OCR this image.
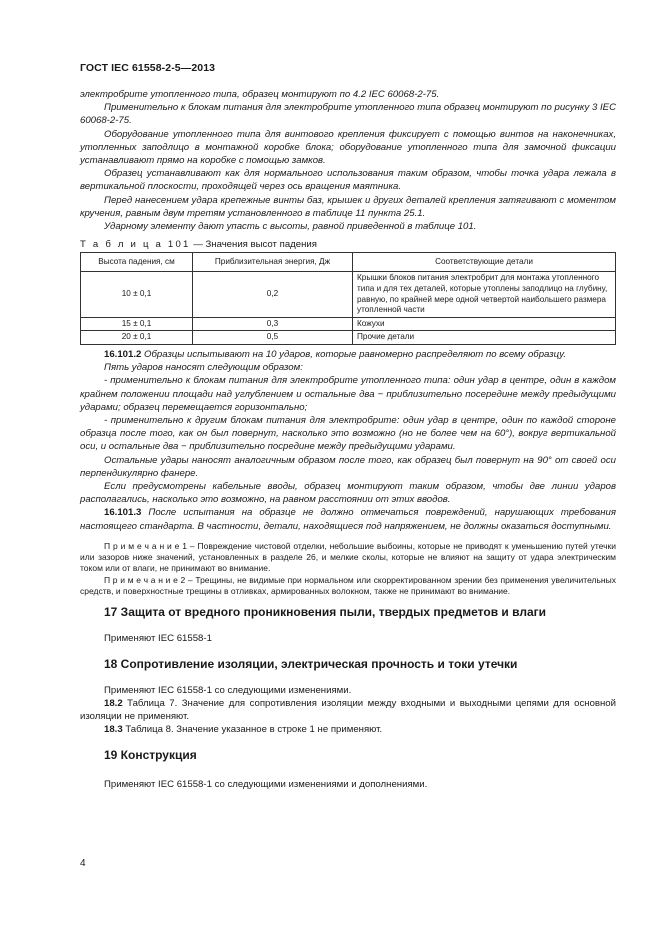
ГОСТ IEC 61558-2-5—2013

электробрите утопленного типа, образец монтируют по 4.2 IEC 60068-2-75.

Применительно к блокам питания для электробрите утопленного типа образец монтируют по рисунку 3 IEC 60068-2-75.

Оборудование утопленного типа для винтового крепления фиксирует с помощью винтов на наконечниках, утопленных заподлицо в монтажной коробке блока; оборудование утопленного типа для замочной фиксации устанавливают прямо на коробке с помощью замков.

Образец устанавливают как для нормального использования таким образом, чтобы точка удара лежала в вертикальной плоскости, проходящей через ось вращения маятника.

Перед нанесением удара крепежные винты баз, крышек и других деталей крепления затягивают с моментом кручения, равным двум третям установленного в таблице 11 пункта 25.1.

Ударному элементу дают упасть с высоты, равной приведенной в таблице 101.

Т а б л и ц а 101 — Значения высот падения

Высота падения, см	Приблизительная энергия, Дж	Соответствующие детали
10 ± 0,1	0,2	Крышки блоков питания электробрит для монтажа утопленного типа и для тех деталей, которые утоплены заподлицо на глубину, равную, по крайней мере одной четвертой наибольшего размера утопленной части
15 ± 0,1	0,3	Кожухи
20 ± 0,1	0,5	Прочие детали

16.101.2 Образцы испытывают на 10 ударов, которые равномерно распределяют по всему образцу.

Пять ударов наносят следующим образом:

- применительно к блокам питания для электробрите утопленного типа: один удар в центре, один в каждом крайнем положении площади над углублением и остальные два − приблизительно посередине между предыдущими ударами; образец перемещается горизонтально;

- применительно к другим блокам питания для электробрите: один удар в центре, один по каждой стороне образца после того, как он был повернут, насколько это возможно (но не более чем на 60°), вокруг вертикальной оси, и остальные два − приблизительно посредине между предыдущими ударами.

Остальные удары наносят аналогичным образом после того, как образец был повернут на 90° от своей оси перпендикулярно фанере.

Если предусмотрены кабельные вводы, образец монтируют таким образом, чтобы две линии ударов располагались, насколько это возможно, на равном расстоянии от этих вводов.

16.101.3 После испытания на образце не должно отмечаться повреждений, нарушающих требования настоящего стандарта. В частности, детали, находящиеся под напряжением, не должны оказаться доступными.

П р и м е ч а н и е 1 – Повреждение чистовой отделки, небольшие выбоины, которые не приводят к уменьшению путей утечки или зазоров ниже значений, установленных в разделе 26, и мелкие сколы, которые не влияют на защиту от удара электрическим током или от влаги, не принимают во внимание.

П р и м е ч а н и е 2 – Трещины, не видимые при нормальном или скорректированном зрении без применения увеличительных средств, и поверхностные трещины в отливках, армированных волокном, также не принимают во внимание.

17 Защита от вредного проникновения пыли, твердых предметов и влаги

Применяют IEC 61558-1

18 Сопротивление изоляции, электрическая прочность и токи утечки

Применяют IEC 61558-1 со следующими изменениями.

18.2 Таблица 7. Значение для сопротивления изоляции между входными и выходными цепями для основной изоляции не применяют.

18.3 Таблица 8. Значение указанное в строке 1 не применяют.

19 Конструкция

Применяют IEC 61558-1 со следующими изменениями и дополнениями.

4
